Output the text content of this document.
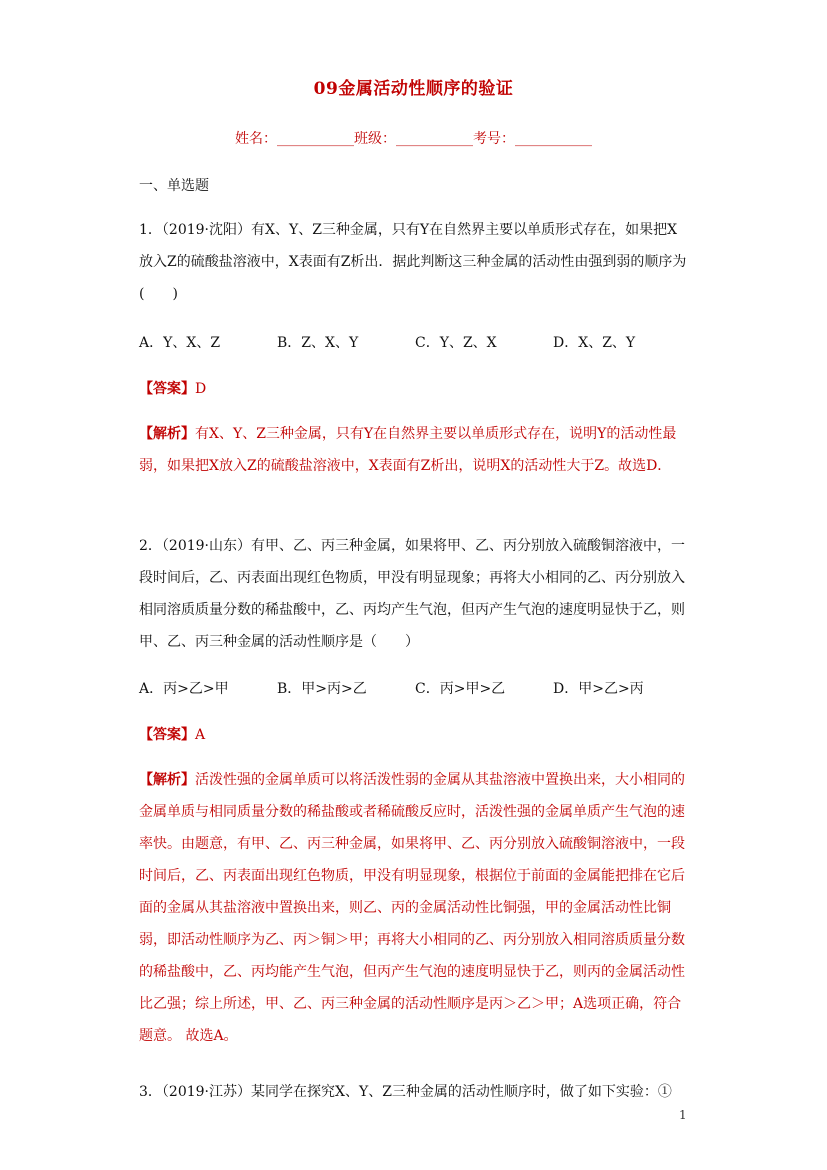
09金属活动性顺序的验证
姓名：___________班级：___________考号：___________
一、单选题
1．（2019·沈阳）有X、Y、Z三种金属，只有Y在自然界主要以单质形式存在，如果把X放入Z的硫酸盐溶液中，X表面有Z析出．据此判断这三种金属的活动性由强到弱的顺序为(　　)
A．Y、X、Z	B．Z、X、Y	C．Y、Z、X	D．X、Z、Y
【答案】D
【解析】有X、Y、Z三种金属，只有Y在自然界主要以单质形式存在，说明Y的活动性最弱，如果把X放入Z的硫酸盐溶液中，X表面有Z析出，说明X的活动性大于Z。故选D．
2．（2019·山东）有甲、乙、丙三种金属，如果将甲、乙、丙分别放入硫酸铜溶液中，一段时间后，乙、丙表面出现红色物质，甲没有明显现象；再将大小相同的乙、丙分别放入相同溶质质量分数的稀盐酸中，乙、丙均产生气泡，但丙产生气泡的速度明显快于乙，则甲、乙、丙三种金属的活动性顺序是（　　）
A．丙>乙>甲	B．甲>丙>乙	C．丙>甲>乙	D．甲>乙>丙
【答案】A
【解析】活泼性强的金属单质可以将活泼性弱的金属从其盐溶液中置换出来，大小相同的金属单质与相同质量分数的稀盐酸或者稀硫酸反应时，活泼性强的金属单质产生气泡的速率快。由题意，有甲、乙、丙三种金属，如果将甲、乙、丙分别放入硫酸铜溶液中，一段时间后，乙、丙表面出现红色物质，甲没有明显现象，根据位于前面的金属能把排在它后面的金属从其盐溶液中置换出来，则乙、丙的金属活动性比铜强，甲的金属活动性比铜弱，即活动性顺序为乙、丙＞铜＞甲；再将大小相同的乙、丙分别放入相同溶质质量分数的稀盐酸中，乙、丙均能产生气泡，但丙产生气泡的速度明显快于乙，则丙的金属活动性比乙强；综上所述，甲、乙、丙三种金属的活动性顺序是丙＞乙＞甲；A选项正确，符合题意。 故选A。
3．（2019·江苏）某同学在探究X、Y、Z三种金属的活动性顺序时，做了如下实验：①
1
